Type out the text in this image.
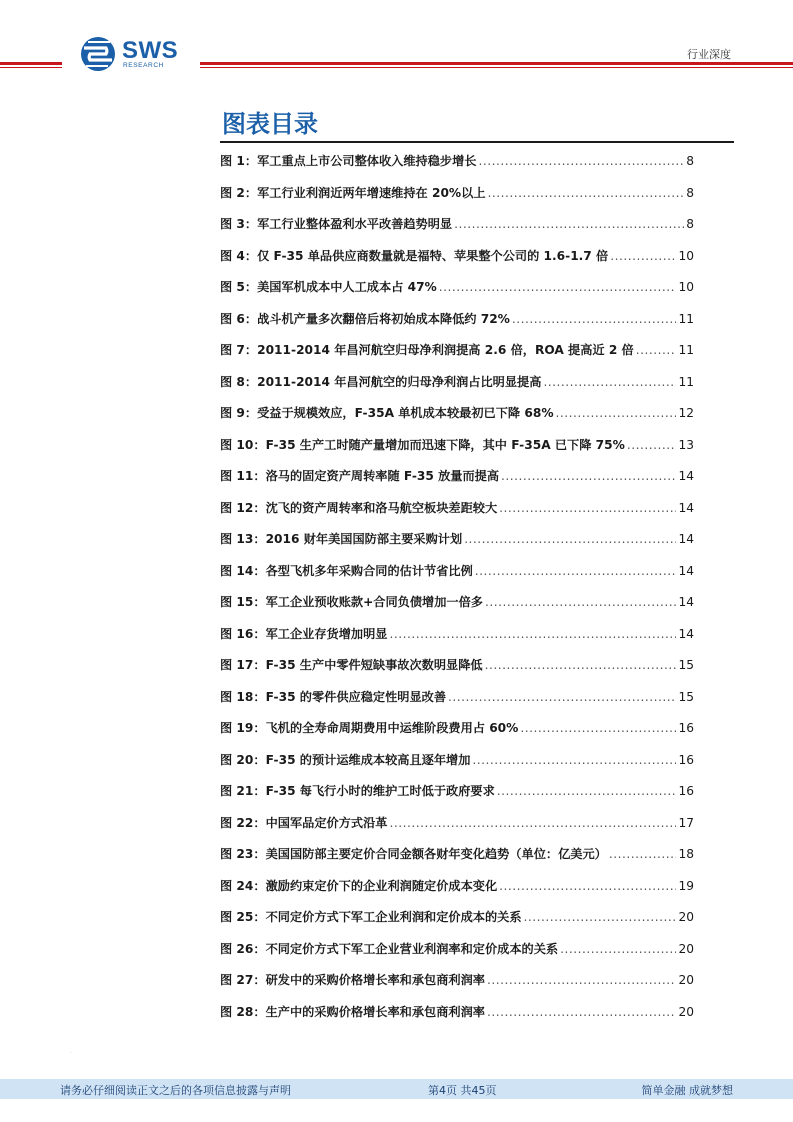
SWS
RESEARCH
行业深度
图表目录
图 1：军工重点上市公司整体收入维持稳步增长 .....	8
图 2：军工行业利润近两年增速维持在 20%以上 .....	8
图 3：军工行业整体盈利水平改善趋势明显 .....	8
图 4：仅 F-35 单品供应商数量就是福特、苹果整个公司的 1.6-1.7 倍 .....	10
图 5：美国军机成本中人工成本占 47% .....	10
图 6：战斗机产量多次翻倍后将初始成本降低约 72% .....	11
图 7：2011-2014 年昌河航空归母净利润提高 2.6 倍，ROA 提高近 2 倍 .....	11
图 8：2011-2014 年昌河航空的归母净利润占比明显提高 .....	11
图 9：受益于规模效应，F-35A 单机成本较最初已下降 68% .....	12
图 10：F-35 生产工时随产量增加而迅速下降，其中 F-35A 已下降 75% .....	13
图 11：洛马的固定资产周转率随 F-35 放量而提高 .....	14
图 12：沈飞的资产周转率和洛马航空板块差距较大 .....	14
图 13：2016 财年美国国防部主要采购计划 .....	14
图 14：各型飞机多年采购合同的估计节省比例 .....	14
图 15：军工企业预收账款+合同负债增加一倍多 .....	14
图 16：军工企业存货增加明显 .....	14
图 17：F-35 生产中零件短缺事故次数明显降低 .....	15
图 18：F-35 的零件供应稳定性明显改善 .....	15
图 19：飞机的全寿命周期费用中运维阶段费用占 60% .....	16
图 20：F-35 的预计运维成本较高且逐年增加 .....	16
图 21：F-35 每飞行小时的维护工时低于政府要求 .....	16
图 22：中国军品定价方式沿革 .....	17
图 23：美国国防部主要定价合同金额各财年变化趋势（单位：亿美元） .....	18
图 24：激励约束定价下的企业利润随定价成本变化 .....	19
图 25：不同定价方式下军工企业利润和定价成本的关系 .....	20
图 26：不同定价方式下军工企业营业利润率和定价成本的关系 .....	20
图 27：研发中的采购价格增长率和承包商利润率 .....	20
图 28：生产中的采购价格增长率和承包商利润率 .....	20
·
请务必仔细阅读正文之后的各项信息披露与声明	第4页 共45页	简单金融 成就梦想
